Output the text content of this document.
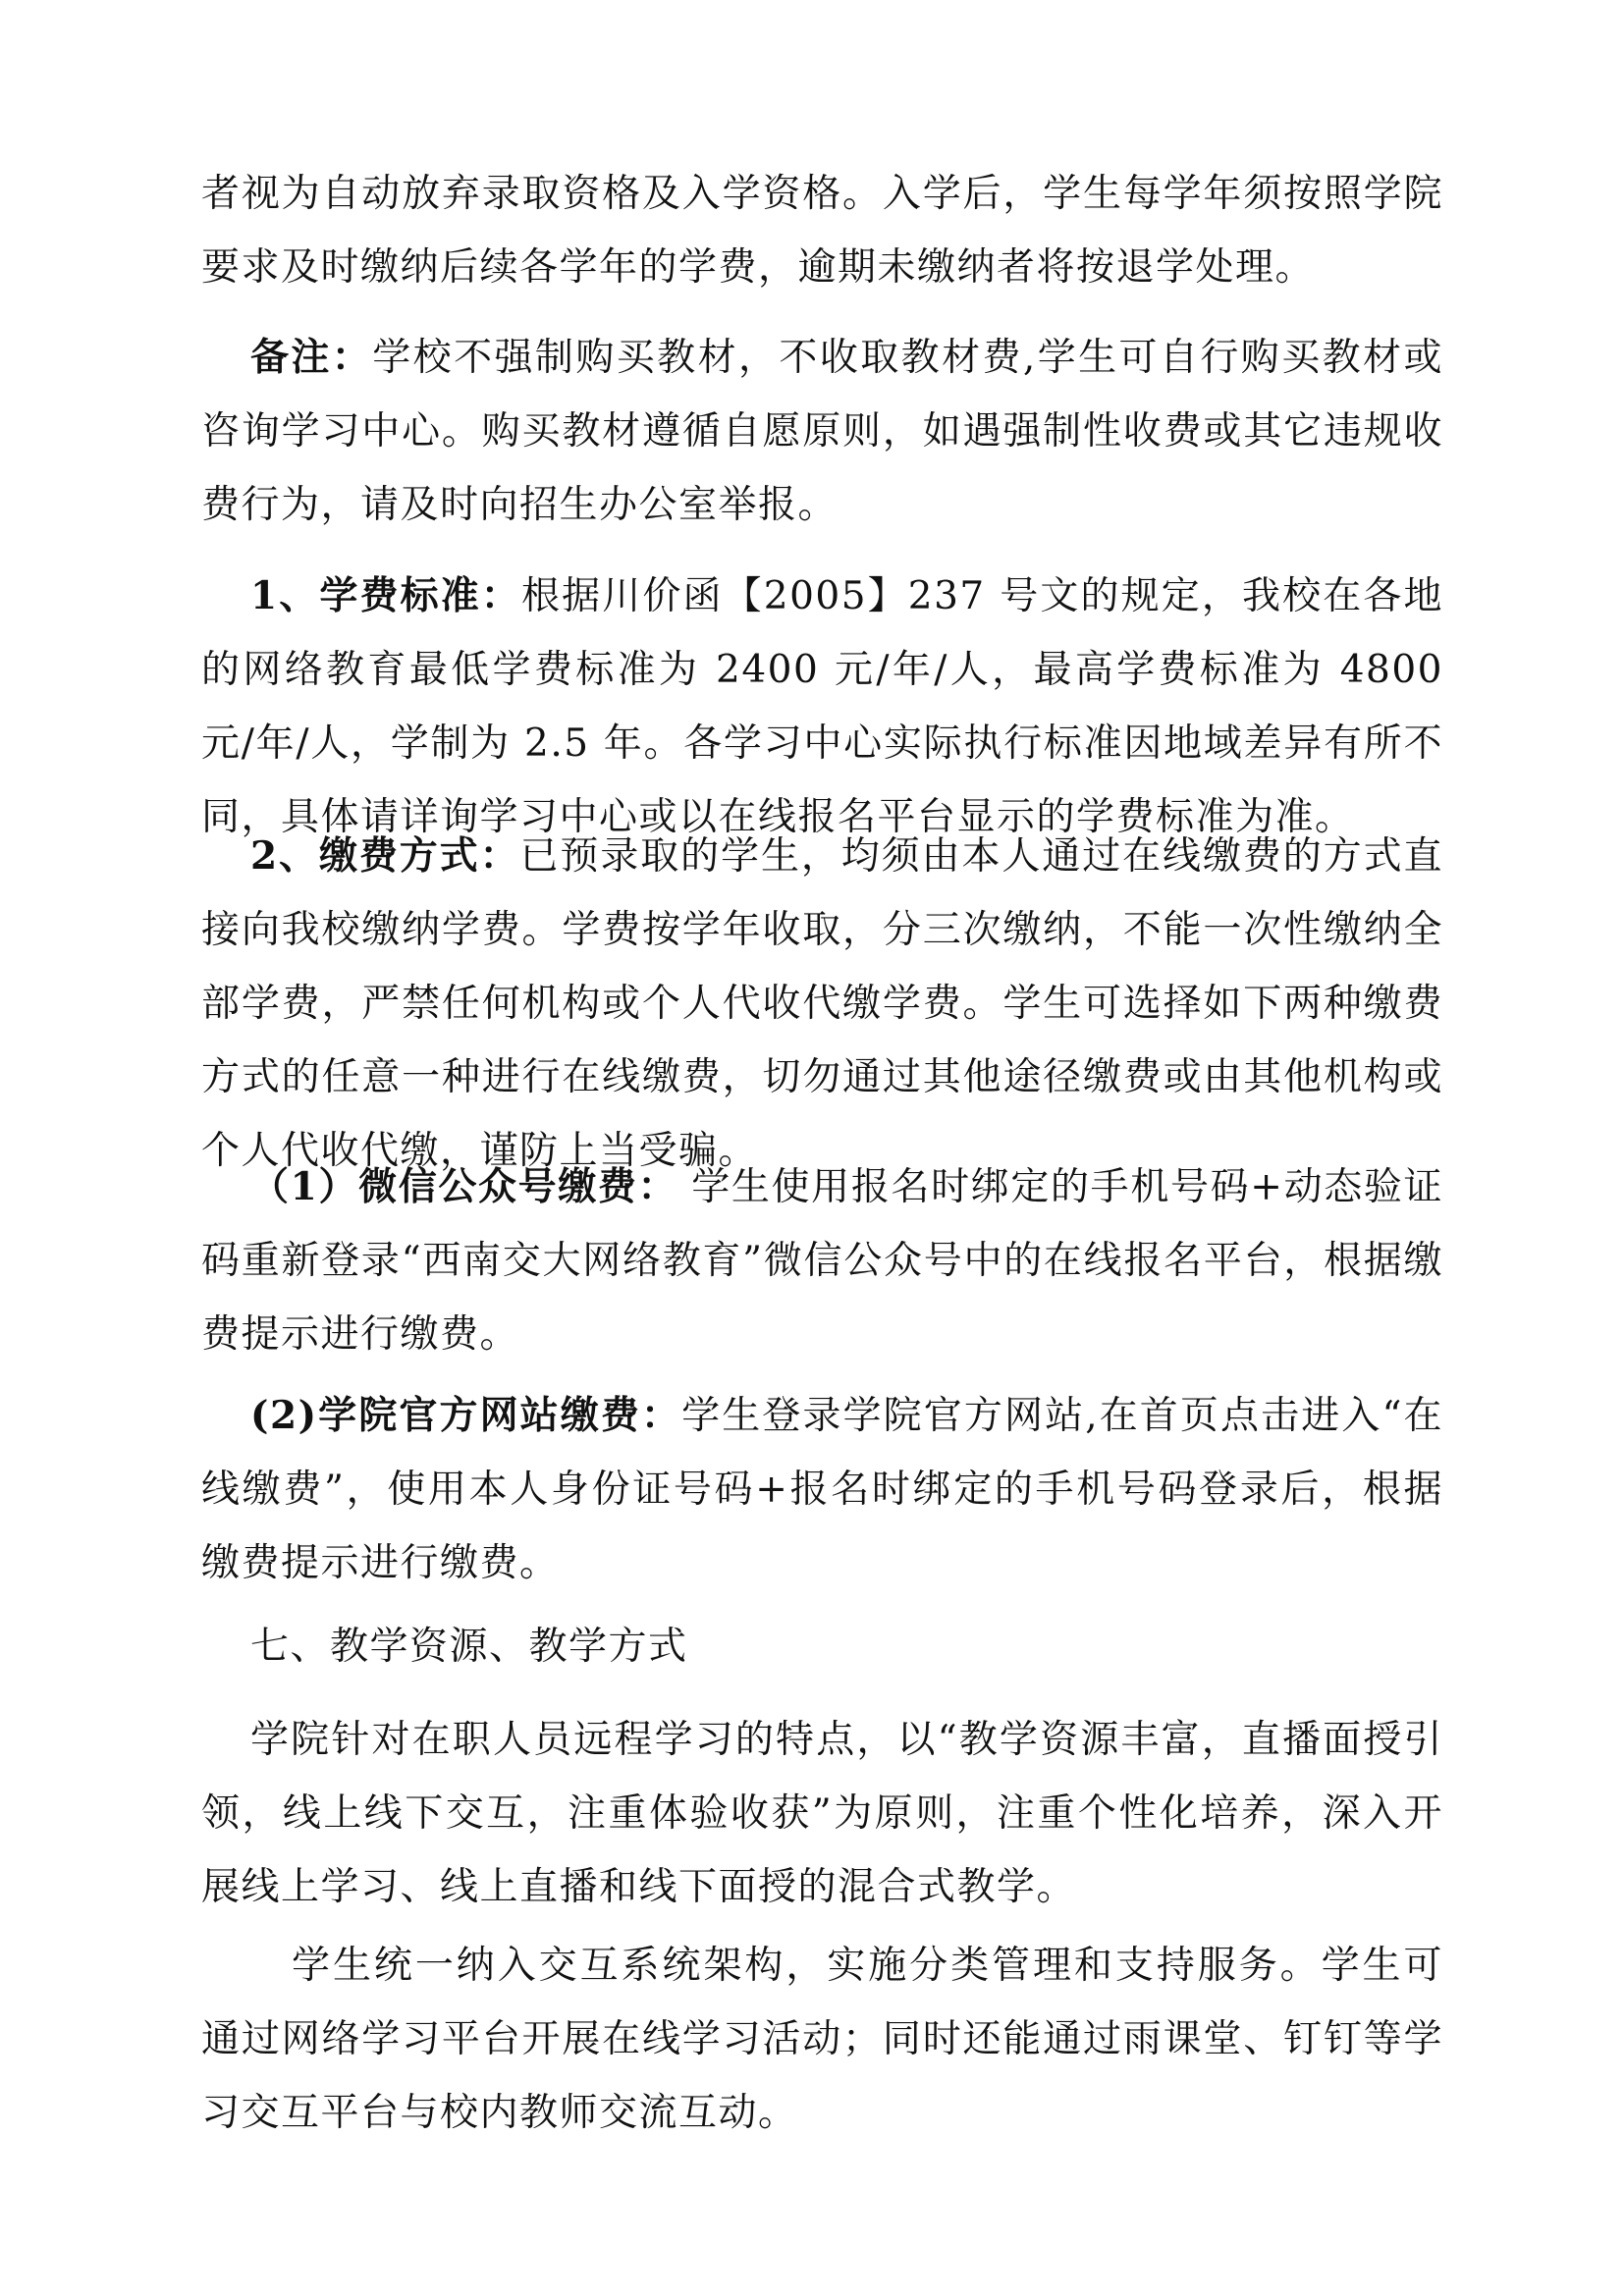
者视为自动放弃录取资格及入学资格。入学后，学生每学年须按照学院要求及时缴纳后续各学年的学费，逾期未缴纳者将按退学处理。

备注：学校不强制购买教材，不收取教材费,学生可自行购买教材或咨询学习中心。购买教材遵循自愿原则，如遇强制性收费或其它违规收费行为，请及时向招生办公室举报。

1、学费标准：根据川价函【2005】237 号文的规定，我校在各地的网络教育最低学费标准为 2400 元/年/人，最高学费标准为 4800 元/年/人，学制为 2.5 年。各学习中心实际执行标准因地域差异有所不同，具体请详询学习中心或以在线报名平台显示的学费标准为准。

2、缴费方式：已预录取的学生，均须由本人通过在线缴费的方式直接向我校缴纳学费。学费按学年收取，分三次缴纳，不能一次性缴纳全部学费，严禁任何机构或个人代收代缴学费。学生可选择如下两种缴费方式的任意一种进行在线缴费，切勿通过其他途径缴费或由其他机构或个人代收代缴，谨防上当受骗。

（1）微信公众号缴费： 学生使用报名时绑定的手机号码+动态验证码重新登录“西南交大网络教育”微信公众号中的在线报名平台，根据缴费提示进行缴费。

(2)学院官方网站缴费：学生登录学院官方网站,在首页点击进入“在线缴费”，使用本人身份证号码+报名时绑定的手机号码登录后，根据缴费提示进行缴费。

七、教学资源、教学方式

学院针对在职人员远程学习的特点，以“教学资源丰富，直播面授引领，线上线下交互，注重体验收获”为原则，注重个性化培养，深入开展线上学习、线上直播和线下面授的混合式教学。

学生统一纳入交互系统架构，实施分类管理和支持服务。学生可通过网络学习平台开展在线学习活动；同时还能通过雨课堂、钉钉等学习交互平台与校内教师交流互动。
